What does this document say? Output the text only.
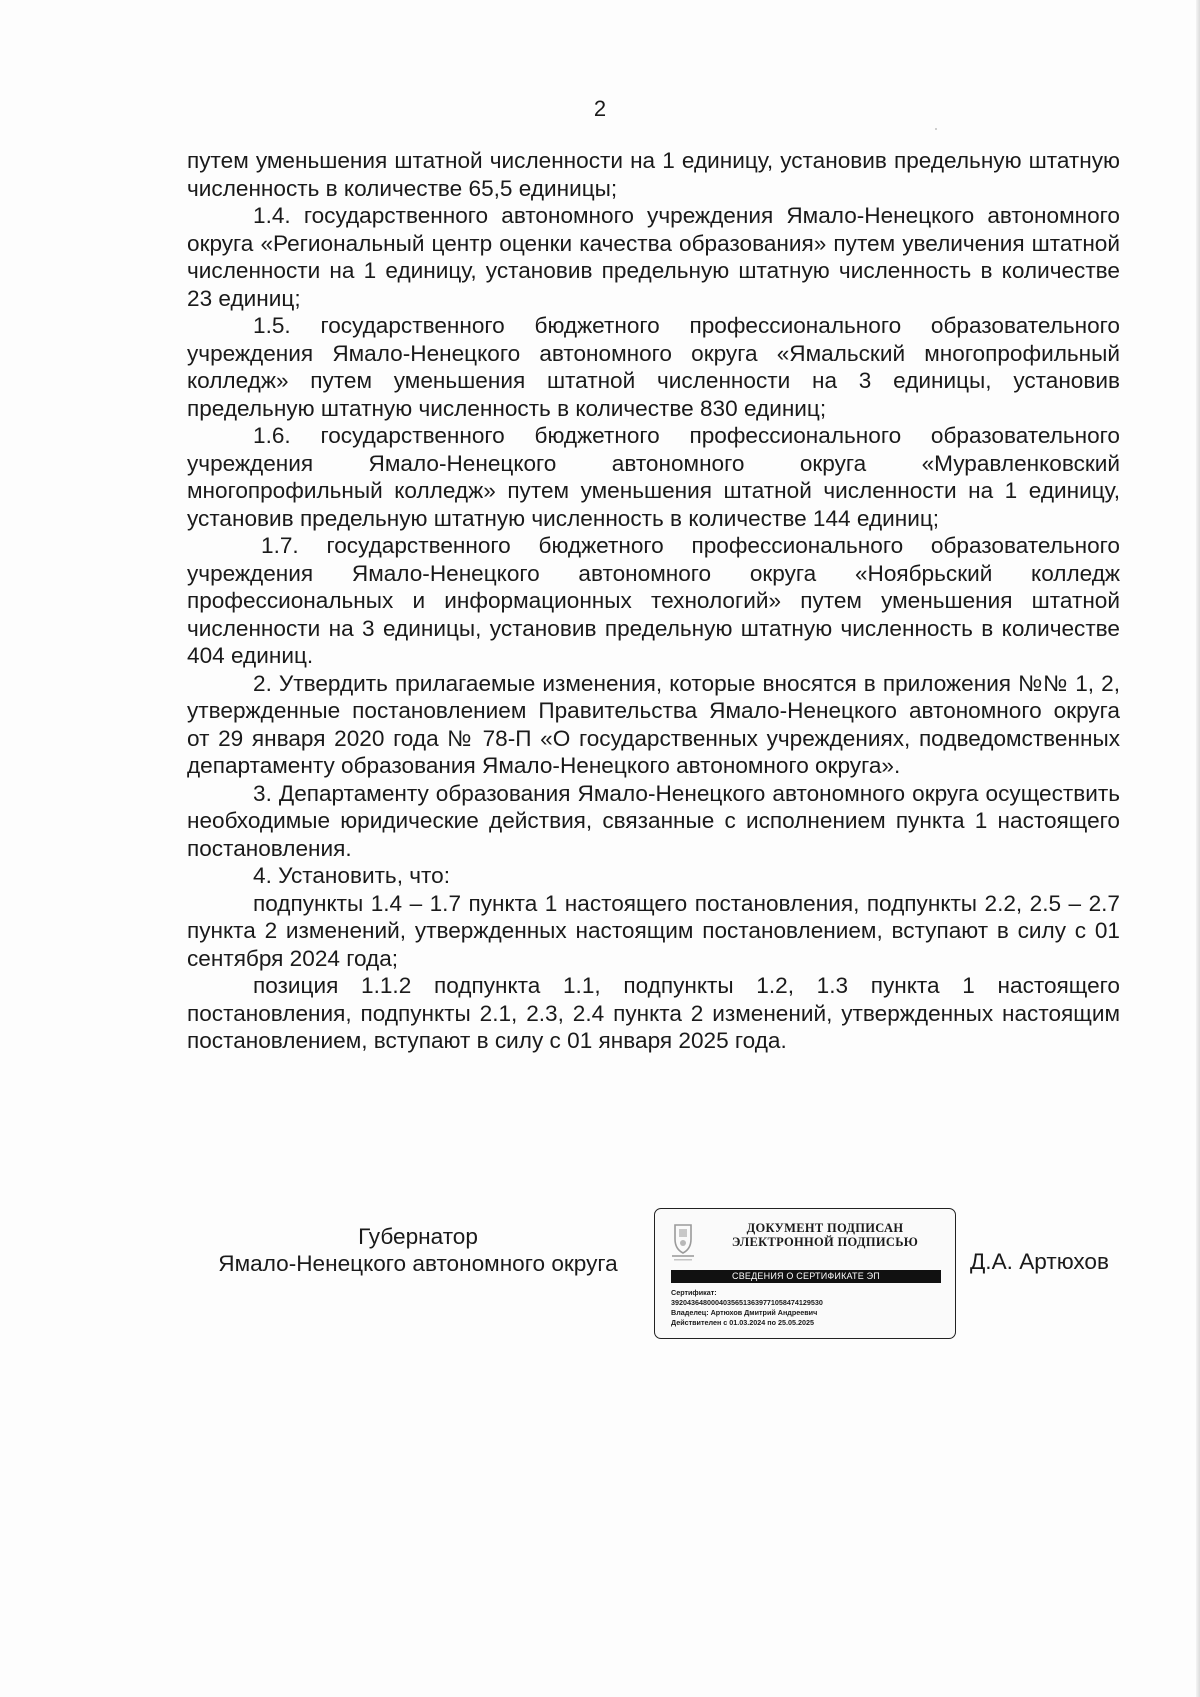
2

путем уменьшения штатной численности на 1 единицу, установив предельную штатную численность в количестве 65,5 единицы;

1.4. государственного автономного учреждения Ямало-Ненецкого автономного округа «Региональный центр оценки качества образования» путем увеличения штатной численности на 1 единицу, установив предельную штатную численность в количестве 23 единиц;

1.5. государственного бюджетного профессионального образовательного учреждения Ямало-Ненецкого автономного округа «Ямальский многопрофильный колледж» путем уменьшения штатной численности на 3 единицы, установив предельную штатную численность в количестве 830 единиц;

1.6. государственного бюджетного профессионального образовательного учреждения Ямало-Ненецкого автономного округа «Муравленковский многопрофильный колледж» путем уменьшения штатной численности на 1 единицу, установив предельную штатную численность в количестве 144 единиц;

1.7. государственного бюджетного профессионального образовательного учреждения Ямало-Ненецкого автономного округа «Ноябрьский колледж профессиональных и информационных технологий» путем уменьшения штатной численности на 3 единицы, установив предельную штатную численность в количестве 404 единиц.

2. Утвердить прилагаемые изменения, которые вносятся в приложения №№ 1, 2, утвержденные постановлением Правительства Ямало-Ненецкого автономного округа от 29 января 2020 года № 78-П «О государственных учреждениях, подведомственных департаменту образования Ямало-Ненецкого автономного округа».

3. Департаменту образования Ямало-Ненецкого автономного округа осуществить необходимые юридические действия, связанные с исполнением пункта 1 настоящего постановления.

4. Установить, что:

подпункты 1.4 – 1.7 пункта 1 настоящего постановления, подпункты 2.2, 2.5 – 2.7 пункта 2 изменений, утвержденных настоящим постановлением, вступают в силу с 01 сентября 2024 года;

позиция 1.1.2 подпункта 1.1, подпункты 1.2, 1.3 пункта 1 настоящего постановления, подпункты 2.1, 2.3, 2.4 пункта 2 изменений, утвержденных настоящим постановлением, вступают в силу с 01 января 2025 года.

Губернатор
Ямало-Ненецкого автономного округа
ДОКУМЕНТ ПОДПИСАН
ЭЛЕКТРОННОЙ ПОДПИСЬЮ
СВЕДЕНИЯ О СЕРТИФИКАТЕ ЭП
Сертификат:
39204364800040356513639771058474129530
Владелец: Артюхов Дмитрий Андреевич
Действителен с 01.03.2024 по 25.05.2025
Д.А. Артюхов
